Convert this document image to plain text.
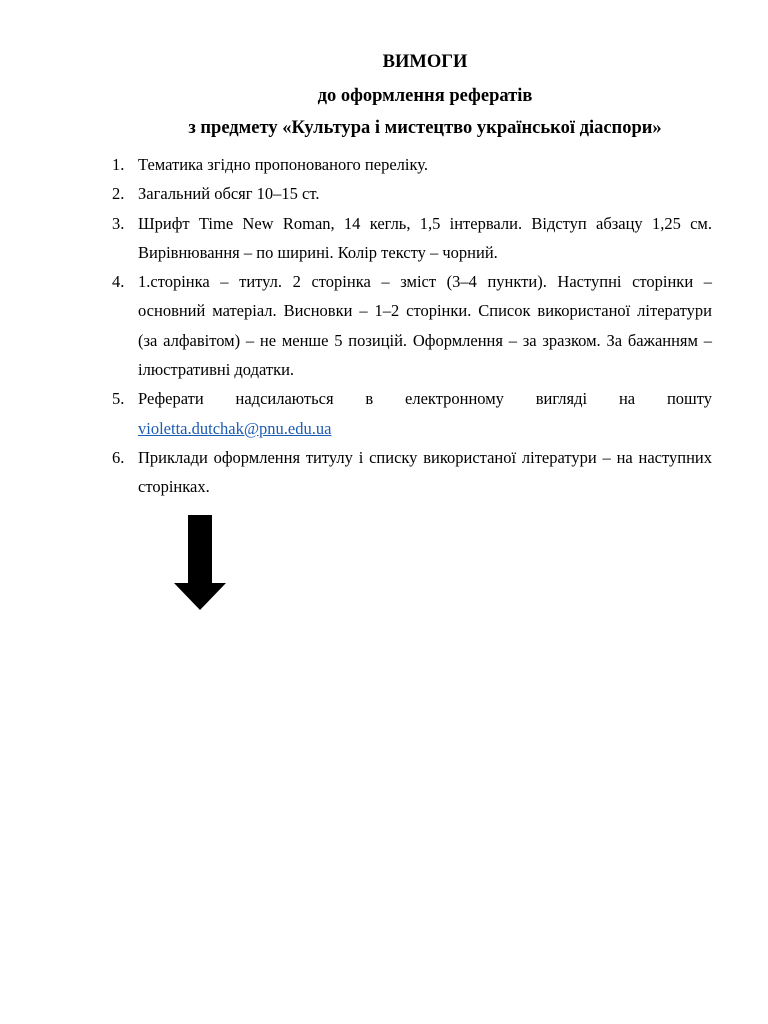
ВИМОГИ
до оформлення рефератів
з предмету «Культура і мистецтво української діаспори»
1. Тематика згідно пропонованого переліку.
2. Загальний обсяг 10–15 ст.
3. Шрифт Time New Roman, 14 кегль, 1,5 інтервали. Відступ абзацу 1,25 см. Вирівнювання – по ширині. Колір тексту – чорний.
4. 1.сторінка – титул. 2 сторінка – зміст (3–4 пункти). Наступні сторінки – основний матеріал. Висновки – 1–2 сторінки. Список використаної літератури (за алфавітом) – не менше 5 позицій. Оформлення – за зразком. За бажанням – ілюстративні додатки.
5. Реферати надсилаються в електронному вигляді на пошту
violetta.dutchak@pnu.edu.ua
6. Приклади оформлення титулу і списку використаної літератури – на наступних сторінках.
